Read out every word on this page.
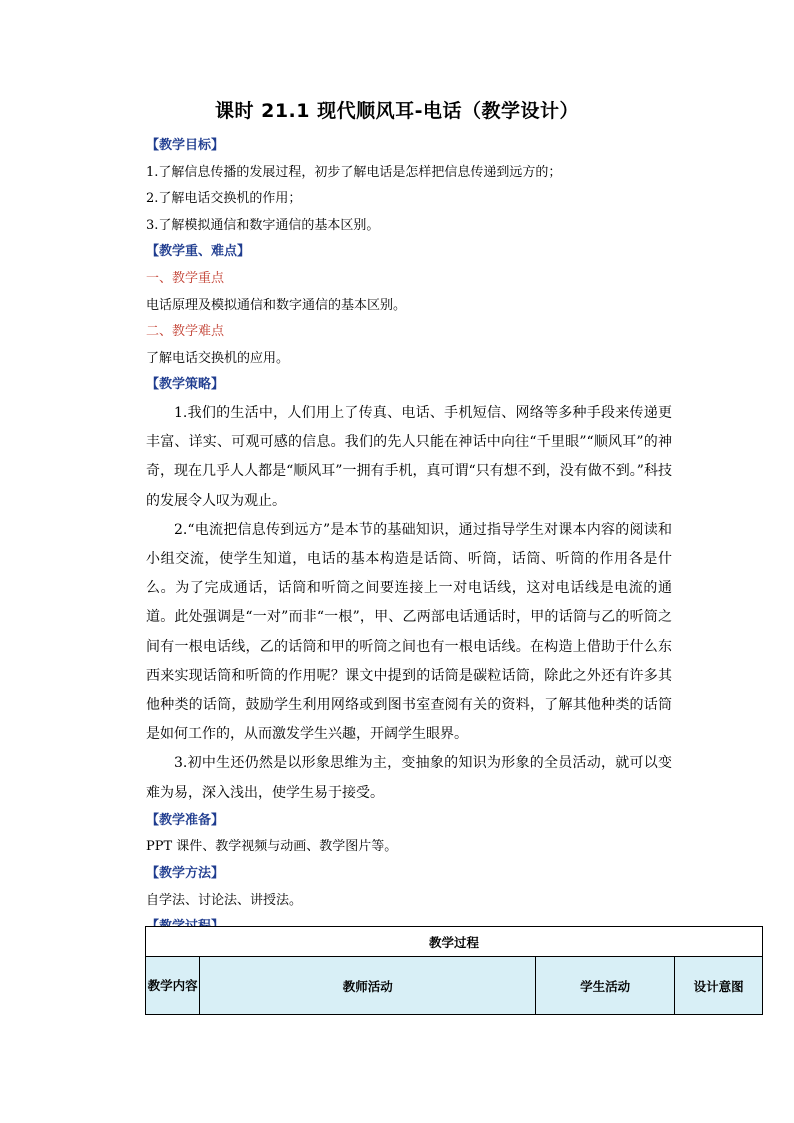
课时 21.1 现代顺风耳-电话（教学设计）

【教学目标】

1.了解信息传播的发展过程，初步了解电话是怎样把信息传递到远方的；

2.了解电话交换机的作用；

3.了解模拟通信和数字通信的基本区别。

【教学重、难点】

一、教学重点

电话原理及模拟通信和数字通信的基本区别。

二、教学难点

了解电话交换机的应用。

【教学策略】

1.我们的生活中，人们用上了传真、电话、手机短信、网络等多种手段来传递更丰富、详实、可观可感的信息。我们的先人只能在神话中向往“千里眼”“顺风耳”的神奇，现在几乎人人都是“顺风耳”一拥有手机，真可谓“只有想不到，没有做不到。”科技的发展令人叹为观止。

2.“电流把信息传到远方”是本节的基础知识，通过指导学生对课本内容的阅读和小组交流，使学生知道，电话的基本构造是话筒、听筒，话筒、听筒的作用各是什么。为了完成通话，话筒和听筒之间要连接上一对电话线，这对电话线是电流的通道。此处强调是“一对”而非“一根”，甲、乙两部电话通话时，甲的话筒与乙的听筒之间有一根电话线，乙的话筒和甲的听筒之间也有一根电话线。在构造上借助于什么东西来实现话筒和听筒的作用呢？课文中提到的话筒是碳粒话筒，除此之外还有许多其他种类的话筒，鼓励学生利用网络或到图书室查阅有关的资料，了解其他种类的话筒是如何工作的，从而激发学生兴趣，开阔学生眼界。

3.初中生还仍然是以形象思维为主，变抽象的知识为形象的全员活动，就可以变难为易，深入浅出，使学生易于接受。

【教学准备】

PPT 课件、教学视频与动画、教学图片等。

【教学方法】

自学法、讨论法、讲授法。

教学过程
教学内容	教师活动	学生活动	设计意图
